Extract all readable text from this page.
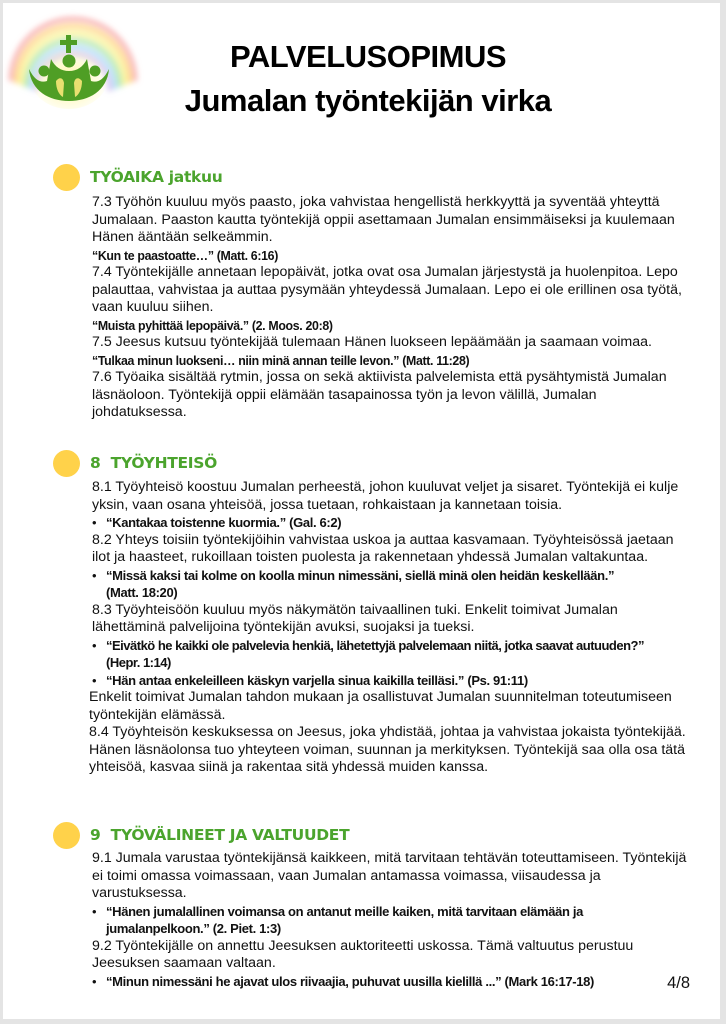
PALVELUSOPIMUS
Jumalan työntekijän virka
TYÖAIKA jatkuu

7.3 Työhön kuuluu myös paasto, joka vahvistaa hengellistä herkkyyttä ja syventää yhteyttä Jumalaan. Paaston kautta työntekijä oppii asettamaan Jumalan ensimmäiseksi ja kuulemaan Hänen ääntään selkeämmin.

“Kun te paastoatte…” (Matt. 6:16)

7.4 Työntekijälle annetaan lepopäivät, jotka ovat osa Jumalan järjestystä ja huolenpitoa. Lepo palauttaa, vahvistaa ja auttaa pysymään yhteydessä Jumalaan. Lepo ei ole erillinen osa työtä, vaan kuuluu siihen.

“Muista pyhittää lepopäivä.” (2. Moos. 20:8)

7.5 Jeesus kutsuu työntekijää tulemaan Hänen luokseen lepäämään ja saamaan voimaa.

“Tulkaa minun luokseni… niin minä annan teille levon.” (Matt. 11:28)

7.6 Työaika sisältää rytmin, jossa on sekä aktiivista palvelemista että pysähtymistä Jumalan läsnäoloon. Työntekijä oppii elämään tasapainossa työn ja levon välillä, Jumalan johdatuksessa.

8  TYÖYHTEISÖ

8.1 Työyhteisö koostuu Jumalan perheestä, johon kuuluvat veljet ja sisaret. Työntekijä ei kulje yksin, vaan osana yhteisöä, jossa tuetaan, rohkaistaan ja kannetaan toisia.

• “Kantakaa toistenne kuormia.” (Gal. 6:2)

8.2 Yhteys toisiin työntekijöihin vahvistaa uskoa ja auttaa kasvamaan. Työyhteisössä jaetaan ilot ja haasteet, rukoillaan toisten puolesta ja rakennetaan yhdessä Jumalan valtakuntaa.

• “Missä kaksi tai kolme on koolla minun nimessäni, siellä minä olen heidän keskellään.”
(Matt. 18:20)

8.3 Työyhteisöön kuuluu myös näkymätön taivaallinen tuki. Enkelit toimivat Jumalan lähettäminä palvelijoina työntekijän avuksi, suojaksi ja tueksi.

• “Eivätkö he kaikki ole palvelevia henkiä, lähetettyjä palvelemaan niitä, jotka saavat autuuden?”
(Hepr. 1:14)

• “Hän antaa enkeleilleen käskyn varjella sinua kaikilla teilläsi.” (Ps. 91:11)

Enkelit toimivat Jumalan tahdon mukaan ja osallistuvat Jumalan suunnitelman toteutumiseen työntekijän elämässä.

8.4 Työyhteisön keskuksessa on Jeesus, joka yhdistää, johtaa ja vahvistaa jokaista työntekijää. Hänen läsnäolonsa tuo yhteyteen voiman, suunnan ja merkityksen. Työntekijä saa olla osa tätä yhteisöä, kasvaa siinä ja rakentaa sitä yhdessä muiden kanssa.

9  TYÖVÄLINEET JA VALTUUDET

9.1 Jumala varustaa työntekijänsä kaikkeen, mitä tarvitaan tehtävän toteuttamiseen. Työntekijä ei toimi omassa voimassaan, vaan Jumalan antamassa voimassa, viisaudessa ja varustuksessa.

• “Hänen jumalallinen voimansa on antanut meille kaiken, mitä tarvitaan elämään ja jumalanpelkoon.” (2. Piet. 1:3)

9.2 Työntekijälle on annettu Jeesuksen auktoriteetti uskossa. Tämä valtuutus perustuu Jeesuksen saamaan valtaan.

• “Minun nimessäni he ajavat ulos riivaajia, puhuvat uusilla kielillä ...” (Mark 16:17-18)	4/8
